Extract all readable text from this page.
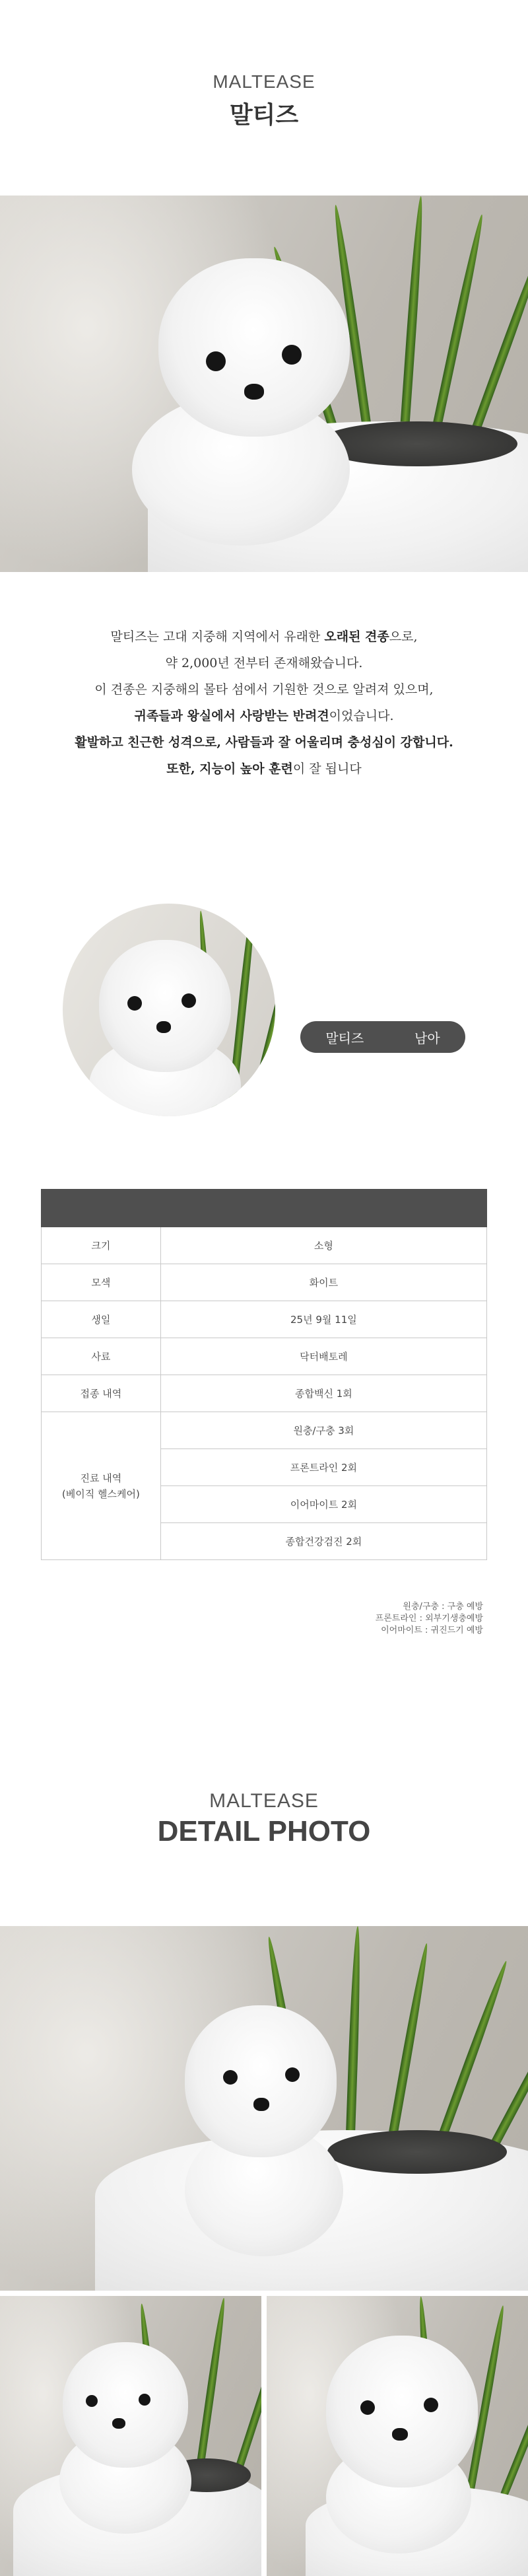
MALTEASE
말티즈
말티즈는 고대 지중해 지역에서 유래한 오래된 견종으로,
약 2,000년 전부터 존재해왔습니다.
이 견종은 지중해의 몰타 섬에서 기원한 것으로 알려져 있으며,
귀족들과 왕실에서 사랑받는 반려견이었습니다.
활발하고 친근한 성격으로, 사람들과 잘 어울리며 충성심이 강합니다.
또한, 지능이 높아 훈련이 잘 됩니다
말티즈	남아

크기	소형
모색	화이트
생일	25년 9월 11일
사료	닥터배토레
접종 내역	종합백신 1회

진료 내역
(베이직 헬스케어)	원충/구충 3회
	프론트라인 2회
	이어마이트 2회
	종합건강검진 2회
원충/구충 : 구충 예방
프론트라인 : 외부기생충예방
이어마이트 : 귀진드기 예방
MALTEASE
DETAIL PHOTO
